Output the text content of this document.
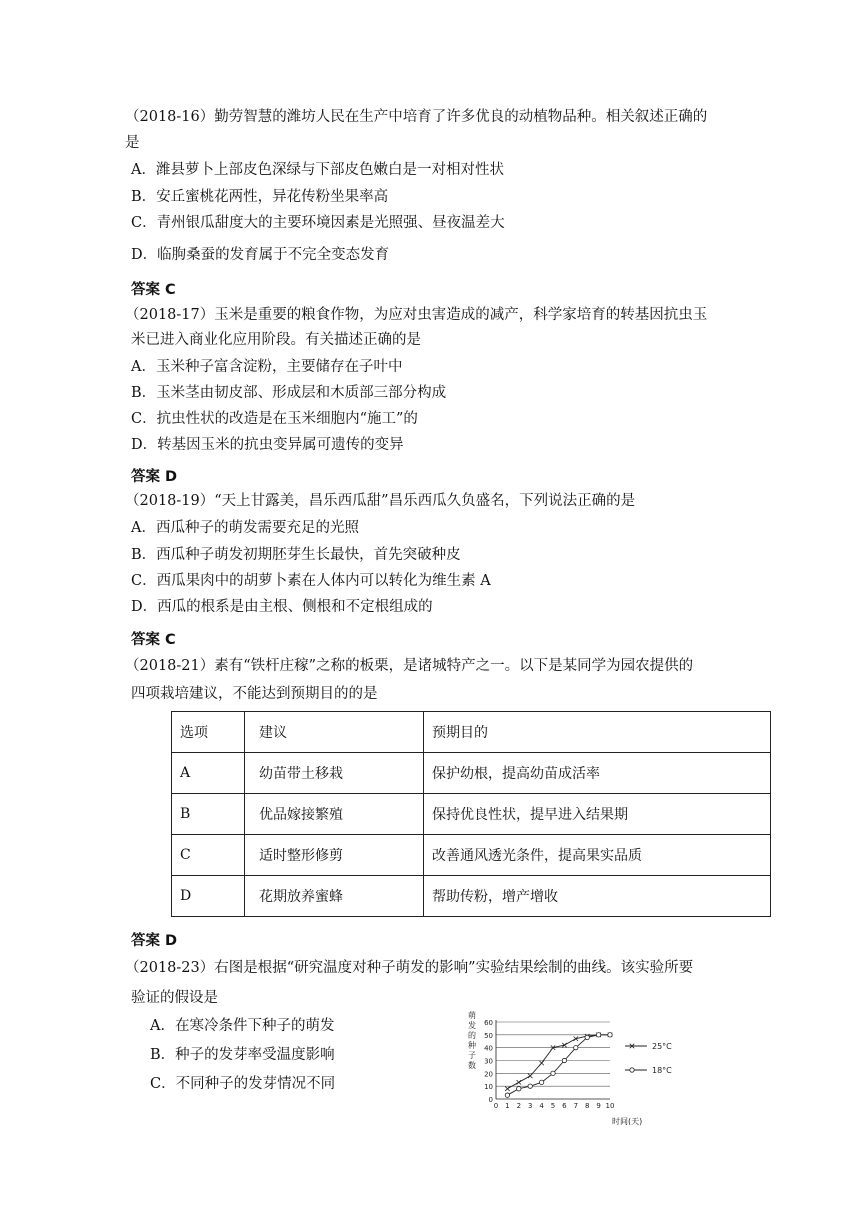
（2018-16）勤劳智慧的潍坊人民在生产中培育了许多优良的动植物品种。相关叙述正确的
是
A．潍县萝卜上部皮色深绿与下部皮色嫩白是一对相对性状
B．安丘蜜桃花两性，异花传粉坐果率高
C．青州银瓜甜度大的主要环境因素是光照强、昼夜温差大
D．临朐桑蚕的发育属于不完全变态发育
答案 C
（2018-17）玉米是重要的粮食作物，为应对虫害造成的减产，科学家培育的转基因抗虫玉
米已进入商业化应用阶段。有关描述正确的是
A．玉米种子富含淀粉，主要储存在子叶中
B．玉米茎由韧皮部、形成层和木质部三部分构成
C．抗虫性状的改造是在玉米细胞内“施工”的
D．转基因玉米的抗虫变异属可遗传的变异
答案 D
（2018-19）“天上甘露美，昌乐西瓜甜”昌乐西瓜久负盛名，下列说法正确的是
A．西瓜种子的萌发需要充足的光照
B．西瓜种子萌发初期胚芽生长最快，首先突破种皮
C．西瓜果肉中的胡萝卜素在人体内可以转化为维生素 A
D．西瓜的根系是由主根、侧根和不定根组成的
答案 C
（2018-21）素有“铁杆庄稼”之称的板栗，是诸城特产之一。以下是某同学为园农提供的
四项栽培建议，不能达到预期目的的是
选项	建议	预期目的
A	幼苗带土移栽	保护幼根，提高幼苗成活率
B	优品嫁接繁殖	保持优良性状，提早进入结果期
C	适时整形修剪	改善通风透光条件，提高果实品质
D	花期放养蜜蜂	帮助传粉，增产增收
答案 D
（2018-23）右图是根据“研究温度对种子萌发的影响”实验结果绘制的曲线。该实验所要
验证的假设是
A．在寒冷条件下种子的萌发
B．种子的发芽率受温度影响
C．不同种子的发芽情况不同
萌发的种子数
0
10
20
30
40
50
60
0 1 2 3 4 5 6 7 8 9 10
25°C
18°C
时间(天)
